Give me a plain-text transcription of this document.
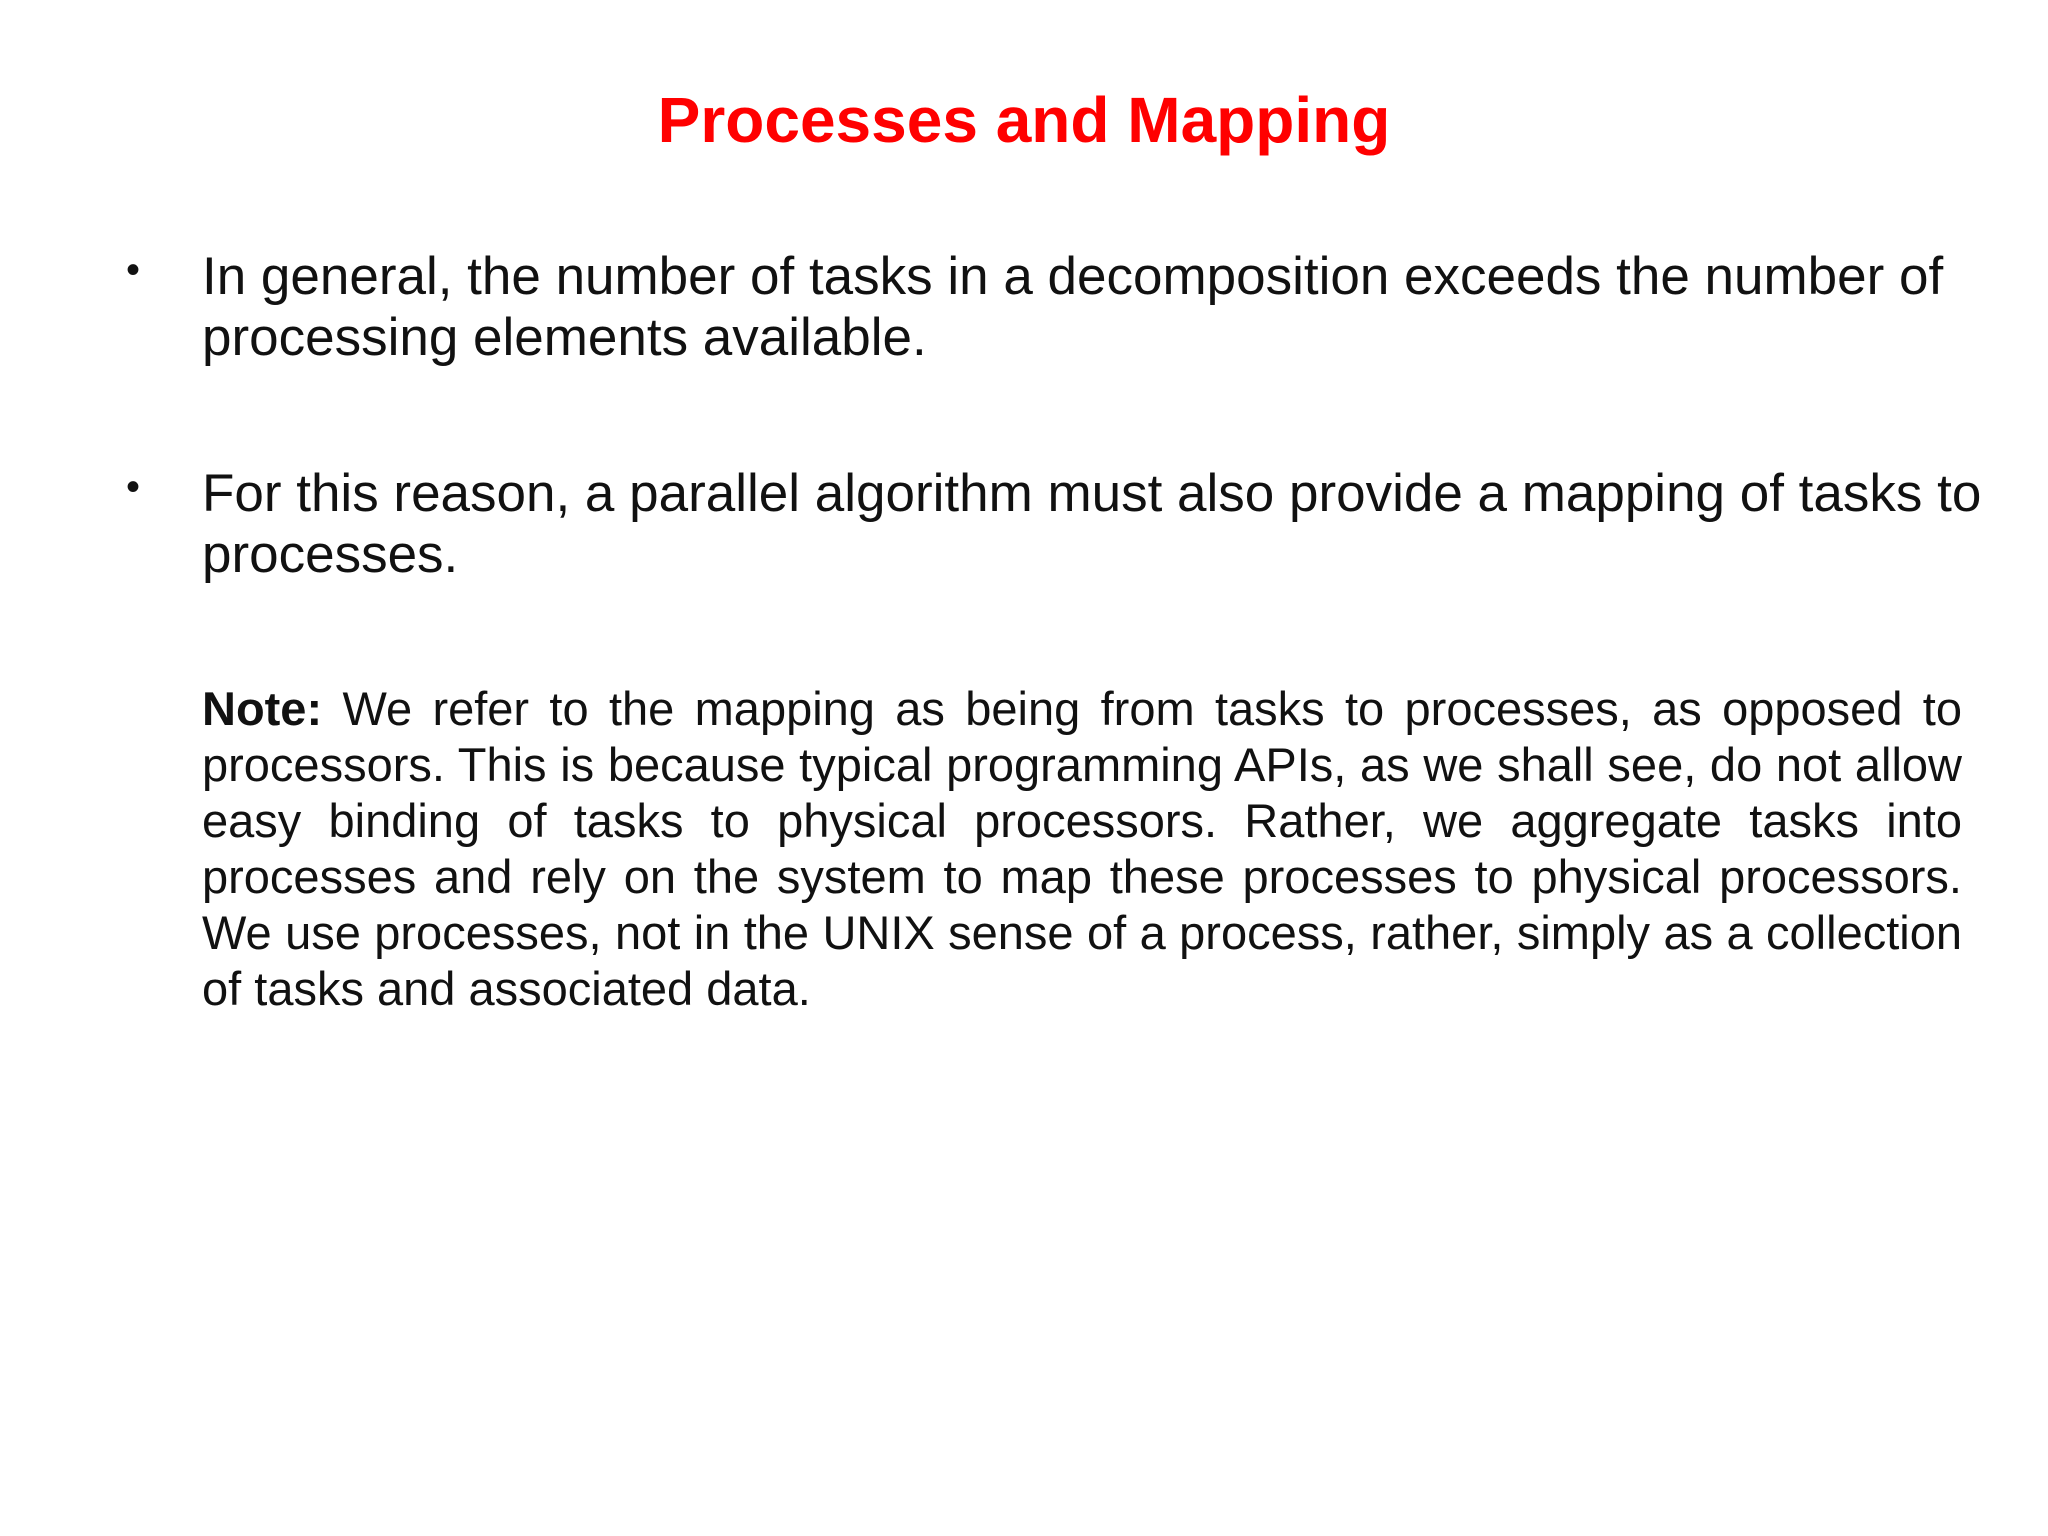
Processes and Mapping
• In general, the number of tasks in a decomposition exceeds the number of processing elements available.
• For this reason, a parallel algorithm must also provide a mapping of tasks to processes.

Note: We refer to the mapping as being from tasks to processes, as opposed to processors. This is because typical programming APIs, as we shall see, do not allow easy binding of tasks to physical processors. Rather, we aggregate tasks into processes and rely on the system to map these processes to physical processors. We use processes, not in the UNIX sense of a process, rather, simply as a collection of tasks and associated data.
